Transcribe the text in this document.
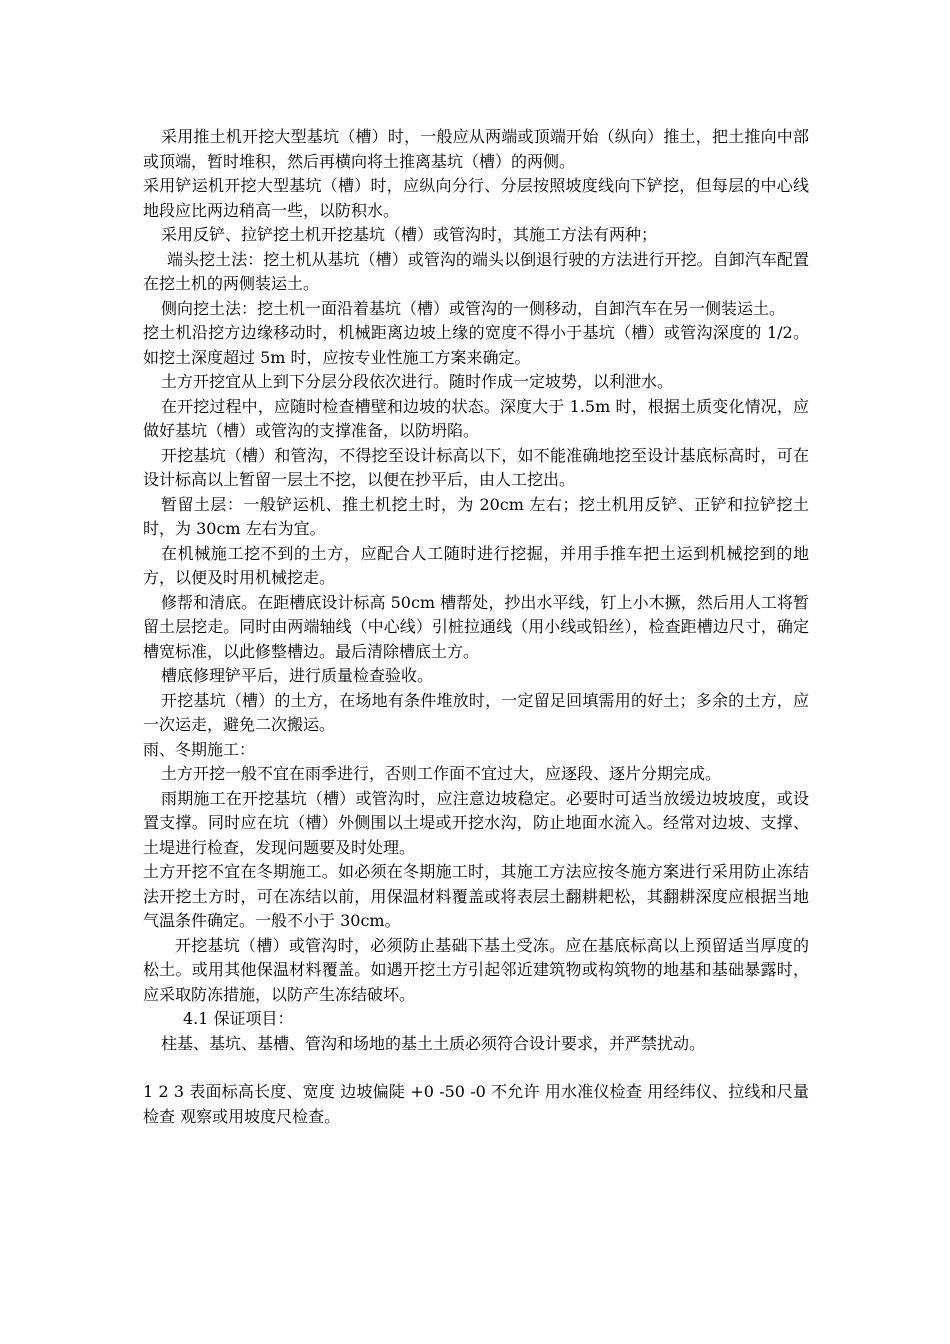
采用推土机开挖大型基坑（槽）时，一般应从两端或顶端开始（纵向）推土，把土推向中部或顶端，暂时堆积，然后再横向将土推离基坑（槽）的两侧。

采用铲运机开挖大型基坑（槽）时，应纵向分行、分层按照坡度线向下铲挖，但每层的中心线地段应比两边稍高一些，以防积水。

采用反铲、拉铲挖土机开挖基坑（槽）或管沟时，其施工方法有两种；

端头挖土法：挖土机从基坑（槽）或管沟的端头以倒退行驶的方法进行开挖。自卸汽车配置在挖土机的两侧装运土。

侧向挖土法：挖土机一面沿着基坑（槽）或管沟的一侧移动，自卸汽车在另一侧装运土。

挖土机沿挖方边缘移动时，机械距离边坡上缘的宽度不得小于基坑（槽）或管沟深度的 1/2。如挖土深度超过 5m 时，应按专业性施工方案来确定。

土方开挖宜从上到下分层分段依次进行。随时作成一定坡势，以利泄水。

在开挖过程中，应随时检查槽壁和边坡的状态。深度大于 1.5m 时，根据土质变化情况，应做好基坑（槽）或管沟的支撑准备，以防坍陷。

开挖基坑（槽）和管沟，不得挖至设计标高以下，如不能准确地挖至设计基底标高时，可在设计标高以上暂留一层土不挖，以便在抄平后，由人工挖出。

暂留土层：一般铲运机、推土机挖土时，为 20cm 左右；挖土机用反铲、正铲和拉铲挖土时，为 30cm 左右为宜。

在机械施工挖不到的土方，应配合人工随时进行挖掘，并用手推车把土运到机械挖到的地方，以便及时用机械挖走。

修帮和清底。在距槽底设计标高 50cm 槽帮处，抄出水平线，钉上小木撅，然后用人工将暂留土层挖走。同时由两端轴线（中心线）引桩拉通线（用小线或铅丝），检查距槽边尺寸，确定槽宽标准，以此修整槽边。最后清除槽底土方。

槽底修理铲平后，进行质量检查验收。

开挖基坑（槽）的土方，在场地有条件堆放时，一定留足回填需用的好土；多余的土方，应一次运走，避免二次搬运。

雨、冬期施工：

土方开挖一般不宜在雨季进行，否则工作面不宜过大，应逐段、逐片分期完成。

雨期施工在开挖基坑（槽）或管沟时，应注意边坡稳定。必要时可适当放缓边坡坡度，或设置支撑。同时应在坑（槽）外侧围以土堤或开挖水沟，防止地面水流入。经常对边坡、支撑、土堤进行检查，发现问题要及时处理。

土方开挖不宜在冬期施工。如必须在冬期施工时，其施工方法应按冬施方案进行采用防止冻结法开挖土方时，可在冻结以前，用保温材料覆盖或将表层土翻耕耙松，其翻耕深度应根据当地气温条件确定。一般不小于 30cm。

开挖基坑（槽）或管沟时，必须防止基础下基土受冻。应在基底标高以上预留适当厚度的松土。或用其他保温材料覆盖。如遇开挖土方引起邻近建筑物或构筑物的地基和基础暴露时，应采取防冻措施，以防产生冻结破坏。

4.1 保证项目：

柱基、基坑、基槽、管沟和场地的基土土质必须符合设计要求，并严禁扰动。

1 2 3 表面标高长度、宽度 边坡偏陡 +0 -50 -0 不允许 用水准仪检查 用经纬仪、拉线和尺量检查 观察或用坡度尺检查。
